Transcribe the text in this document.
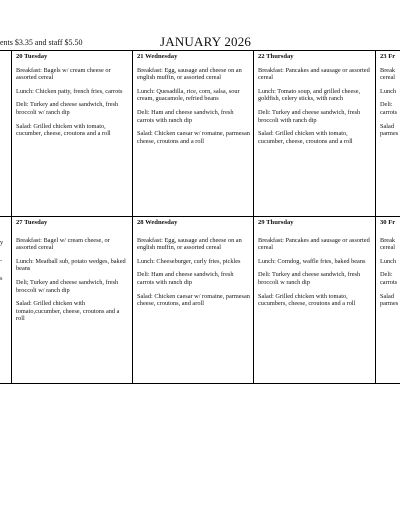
ents $3.35 and staff $5.50	JANUARY 2026
20 Tuesday
Breakfast: Bagels w/ cream cheese or assorted cereal
Lunch: Chicken patty, french fries, carrots
Deli: Turkey and cheese sandwich, fresh broccoli w/ ranch dip
Salad: Grilled chicken with tomato, cucumber, cheese, croutons and a roll
21 Wednesday
Breakfast: Egg, sausage and cheese on an english muffin, or assorted cereal
Lunch: Quesadilla, rice, corn, salsa, sour cream, guacamole, refried beans
Deli: Ham and cheese sandwich, fresh carrots with ranch dip
Salad: Chicken caesar w/ romaine, parmesan cheese, croutons and a roll
22 Thursday
Breakfast: Pancakes and sausage or assorted cereal
Lunch: Tomato soup, and grilled cheese, goldfish, celery sticks, with ranch
Deli: Turkey and cheese sandwich, fresh broccoli with ranch dip
Salad: Grilled chicken with tomato, cucumber, cheese, croutons and a roll
23 Fr
Break cereal
Lunch
Deli: carrots
Salad parmes
y
-
s
27 Tuesday
Breakfast: Bagel w/ cream cheese, or assorted cereal
Lunch: Meatball sub, potato wedges, baked beans
Deli; Turkey and cheese sandwich, fresh broccoli w/ ranch dip
Salad: Grilled chicken with tomato,cucumber, cheese, croutons and a roll
28 Wednesday
Breakfast: Egg, sausage and cheese on an english muffin, or assorted cereal
Lunch: Cheeseburger, curly fries, pickles
Deli: Ham and cheese sandwich, fresh carrots with ranch dip
Salad: Chicken caesar w/ romaine, parmesan cheese, croutons, and aroll
29 Thursday
Breakfast: Pancakes and sausage or assorted cereal
Lunch: Corndog, waffle fries, baked beans
Deli: Turkey and cheese sandwich, fresh broccoli w ranch dip
Salad: Grilled chicken with tomato, cucumbers, cheese, croutons and a roll
30 Fr
Break cereal
Lunch
Deli: carrots
Salad parmes
